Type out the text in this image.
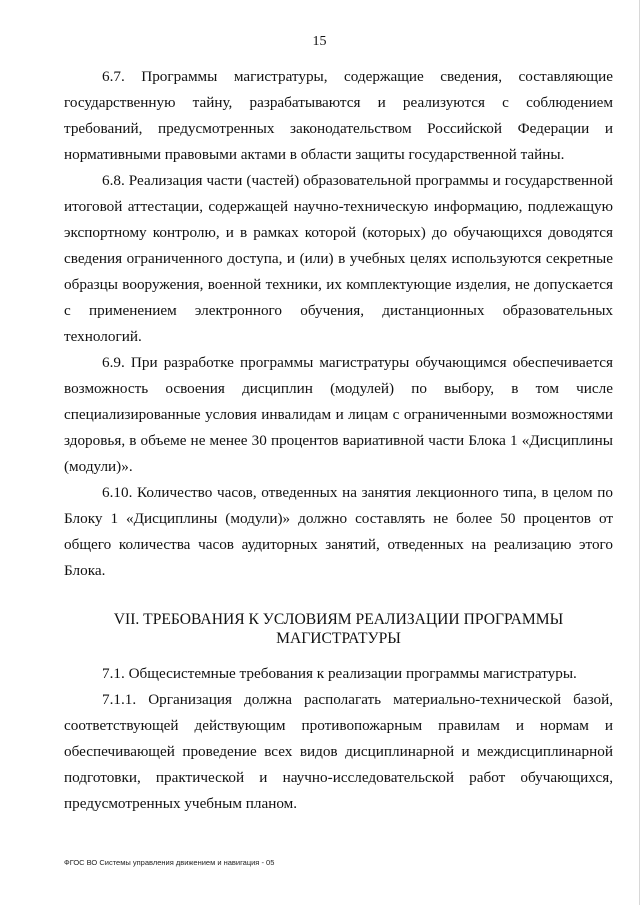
15

6.7. Программы магистратуры, содержащие сведения, составляющие государственную тайну, разрабатываются и реализуются с соблюдением требований, предусмотренных законодательством Российской Федерации и нормативными правовыми актами в области защиты государственной тайны.

6.8. Реализация части (частей) образовательной программы и государственной итоговой аттестации, содержащей научно-техническую информацию, подлежащую экспортному контролю, и в рамках которой (которых) до обучающихся доводятся сведения ограниченного доступа, и (или) в учебных целях используются секретные образцы вооружения, военной техники, их комплектующие изделия, не допускается с применением электронного обучения, дистанционных образовательных технологий.

6.9. При разработке программы магистратуры обучающимся обеспечивается возможность освоения дисциплин (модулей) по выбору, в том числе специализированные условия инвалидам и лицам с ограниченными возможностями здоровья, в объеме не менее 30 процентов вариативной части Блока 1 «Дисциплины (модули)».

6.10. Количество часов, отведенных на занятия лекционного типа, в целом по Блоку 1 «Дисциплины (модули)» должно составлять не более 50 процентов от общего количества часов аудиторных занятий, отведенных на реализацию этого Блока.

VII. ТРЕБОВАНИЯ К УСЛОВИЯМ РЕАЛИЗАЦИИ ПРОГРАММЫ
МАГИСТРАТУРЫ

7.1. Общесистемные требования к реализации программы магистратуры.

7.1.1. Организация должна располагать материально-технической базой, соответствующей действующим противопожарным правилам и нормам и обеспечивающей проведение всех видов дисциплинарной и междисциплинарной подготовки, практической и научно-исследовательской работ обучающихся, предусмотренных учебным планом.

ФГОС ВО Системы управления движением и навигация - 05
